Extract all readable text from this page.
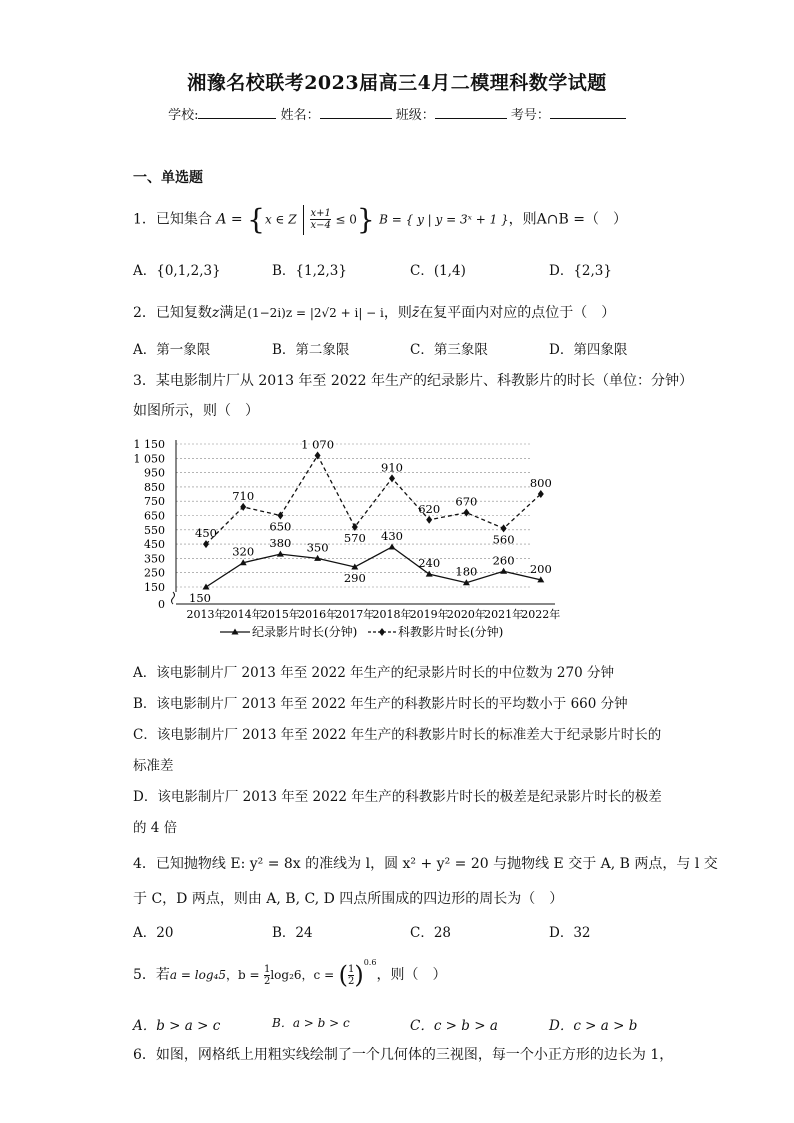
湘豫名校联考2023届高三4月二模理科数学试题
学校:	姓名：	班级：	考号：
一、单选题
1．已知集合 A = {x ∈ Z $\frac{x+1}{x-4} \le 0$} B = { y | y = 3ˣ + 1 }，则A∩B =（　）
A．{0,1,2,3}	B．{1,2,3}	C．(1,4)	D．{2,3}
2．已知复数z满足(1−2i)z = |2√2 + i| − i，则z̄在复平面内对应的点位于（　）
A．第一象限	B．第二象限	C．第三象限	D．第四象限
3．某电影制片厂从 2013 年至 2022 年生产的纪录影片、科教影片的时长（单位：分钟）
如图所示，则（　）
1 150
1 050
950
850
750
650
550
450
350
250
150
0
2013年
2014年
2015年
2016年
2017年
2018年
2019年
2020年
2021年
2022年
150
320
380 350
290
430
240
180
260
200
450
710
650
1 070
570
910
620
670
560
800
纪录影片时长(分钟)	科教影片时长(分钟)
A．该电影制片厂 2013 年至 2022 年生产的纪录影片时长的中位数为 270 分钟
B．该电影制片厂 2013 年至 2022 年生产的科教影片时长的平均数小于 660 分钟
C．该电影制片厂 2013 年至 2022 年生产的科教影片时长的标准差大于纪录影片时长的
标准差
D．该电影制片厂 2013 年至 2022 年生产的科教影片时长的极差是纪录影片时长的极差
的 4 倍
4．已知抛物线 E: y² = 8x 的准线为 l，圆 x² + y² = 20 与抛物线 E 交于 A, B 两点，与 l 交
于 C，D 两点，则由 A, B, C, D 四点所围成的四边形的周长为（　）
A．20	B．24	C．28	D．32
5．若a = log₄5，$b = \frac{1}{2} \log_26$，c = ( $\frac{1}{2} )^{0.6}$，则（　）
A．b > a > c	B．a > b > c	C．c > b > a	D．c > a > b
6．如图，网格纸上用粗实线绘制了一个几何体的三视图，每一个小正方形的边长为 1，
